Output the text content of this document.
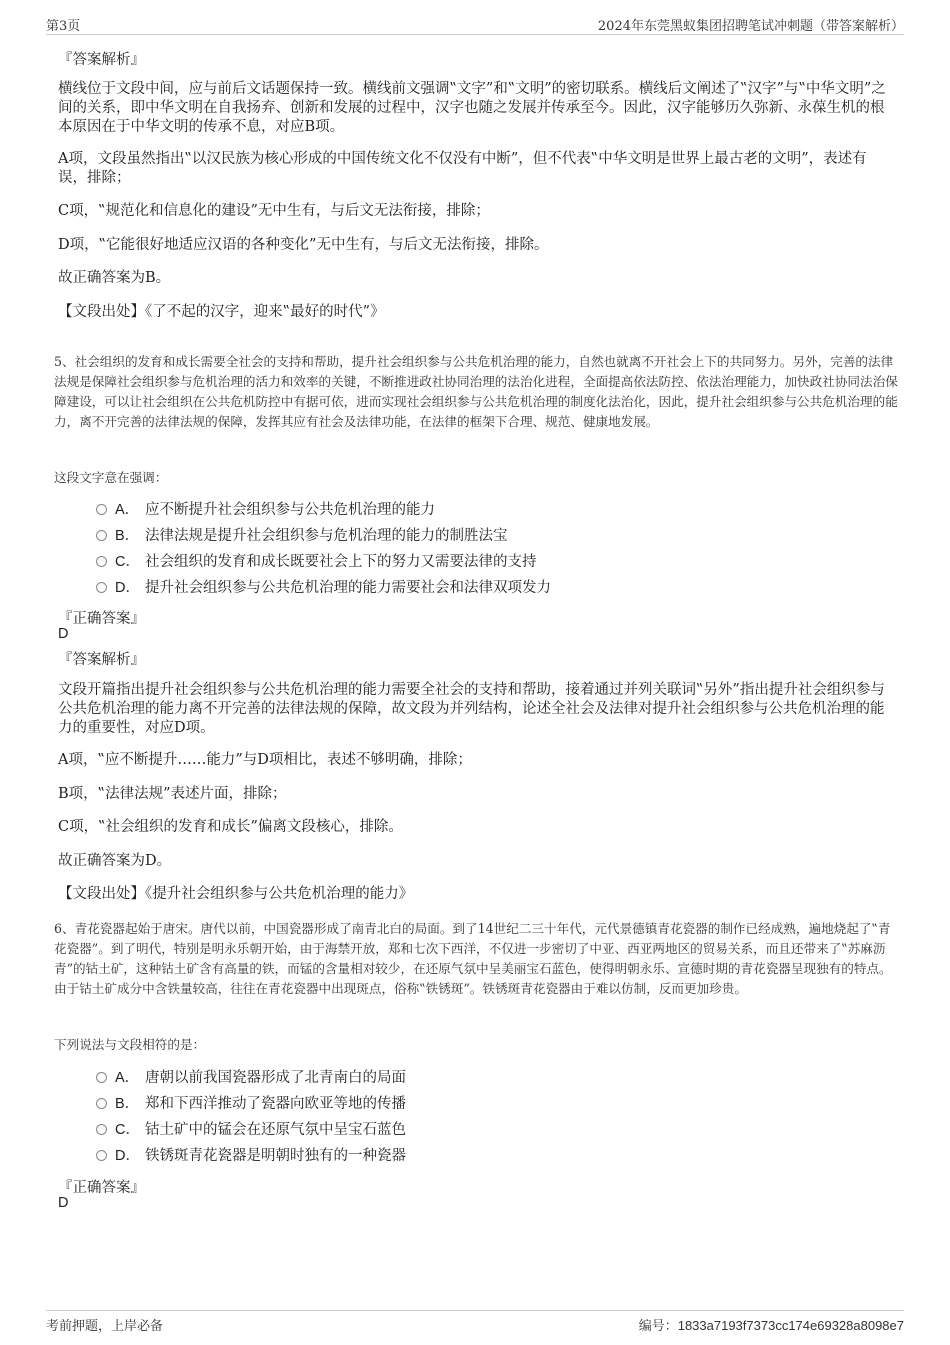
第3页	2024年东莞黑蚁集团招聘笔试冲刺题（带答案解析）
『答案解析』
横线位于文段中间，应与前后文话题保持一致。横线前文强调‟文字”和‟文明”的密切联系。横线后文阐述了‟汉字”与‟中华文明”之间的关系，即中华文明在自我扬弃、创新和发展的过程中，汉字也随之发展并传承至今。因此，汉字能够历久弥新、永葆生机的根本原因在于中华文明的传承不息，对应B项。
A项，文段虽然指出‟以汉民族为核心形成的中国传统文化不仅没有中断”，但不代表‟中华文明是世界上最古老的文明”，表述有误，排除；
C项，‟规范化和信息化的建设”无中生有，与后文无法衔接，排除；
D项，‟它能很好地适应汉语的各种变化”无中生有，与后文无法衔接，排除。
故正确答案为B。
【文段出处】《了不起的汉字，迎来‟最好的时代”》
5、社会组织的发育和成长需要全社会的支持和帮助，提升社会组织参与公共危机治理的能力，自然也就离不开社会上下的共同努力。另外，完善的法律法规是保障社会组织参与危机治理的活力和效率的关键，不断推进政社协同治理的法治化进程，全面提高依法防控、依法治理能力，加快政社协同法治保障建设，可以让社会组织在公共危机防控中有据可依，进而实现社会组织参与公共危机治理的制度化法治化，因此，提升社会组织参与公共危机治理的能力，离不开完善的法律法规的保障，发挥其应有社会及法律功能，在法律的框架下合理、规范、健康地发展。
这段文字意在强调：
A． 应不断提升社会组织参与公共危机治理的能力
B． 法律法规是提升社会组织参与危机治理的能力的制胜法宝
C． 社会组织的发育和成长既要社会上下的努力又需要法律的支持
D． 提升社会组织参与公共危机治理的能力需要社会和法律双项发力
『正确答案』
D
『答案解析』
文段开篇指出提升社会组织参与公共危机治理的能力需要全社会的支持和帮助，接着通过并列关联词‟另外”指出提升社会组织参与公共危机治理的能力离不开完善的法律法规的保障，故文段为并列结构，论述全社会及法律对提升社会组织参与公共危机治理的能力的重要性，对应D项。
A项，‟应不断提升……能力”与D项相比，表述不够明确，排除；
B项，‟法律法规”表述片面，排除；
C项，‟社会组织的发育和成长”偏离文段核心，排除。
故正确答案为D。
【文段出处】《提升社会组织参与公共危机治理的能力》
6、青花瓷器起始于唐宋。唐代以前，中国瓷器形成了南青北白的局面。到了14世纪二三十年代，元代景德镇青花瓷器的制作已经成熟，遍地烧起了‟青花瓷器”。到了明代，特别是明永乐朝开始，由于海禁开放，郑和七次下西洋，不仅进一步密切了中亚、西亚两地区的贸易关系，而且还带来了‟苏麻沥青”的钴土矿，这种钴土矿含有高量的铁，而锰的含量相对较少，在还原气氛中呈美丽宝石蓝色，使得明朝永乐、宣德时期的青花瓷器呈现独有的特点。由于钴土矿成分中含铁量较高，往往在青花瓷器中出现斑点，俗称‟铁锈斑”。铁锈斑青花瓷器由于难以仿制，反而更加珍贵。
下列说法与文段相符的是：
A． 唐朝以前我国瓷器形成了北青南白的局面
B． 郑和下西洋推动了瓷器向欧亚等地的传播
C． 钴土矿中的锰会在还原气氛中呈宝石蓝色
D． 铁锈斑青花瓷器是明朝时独有的一种瓷器
『正确答案』
D
考前押题，上岸必备	编号：1833a7193f7373cc174e69328a8098e7
